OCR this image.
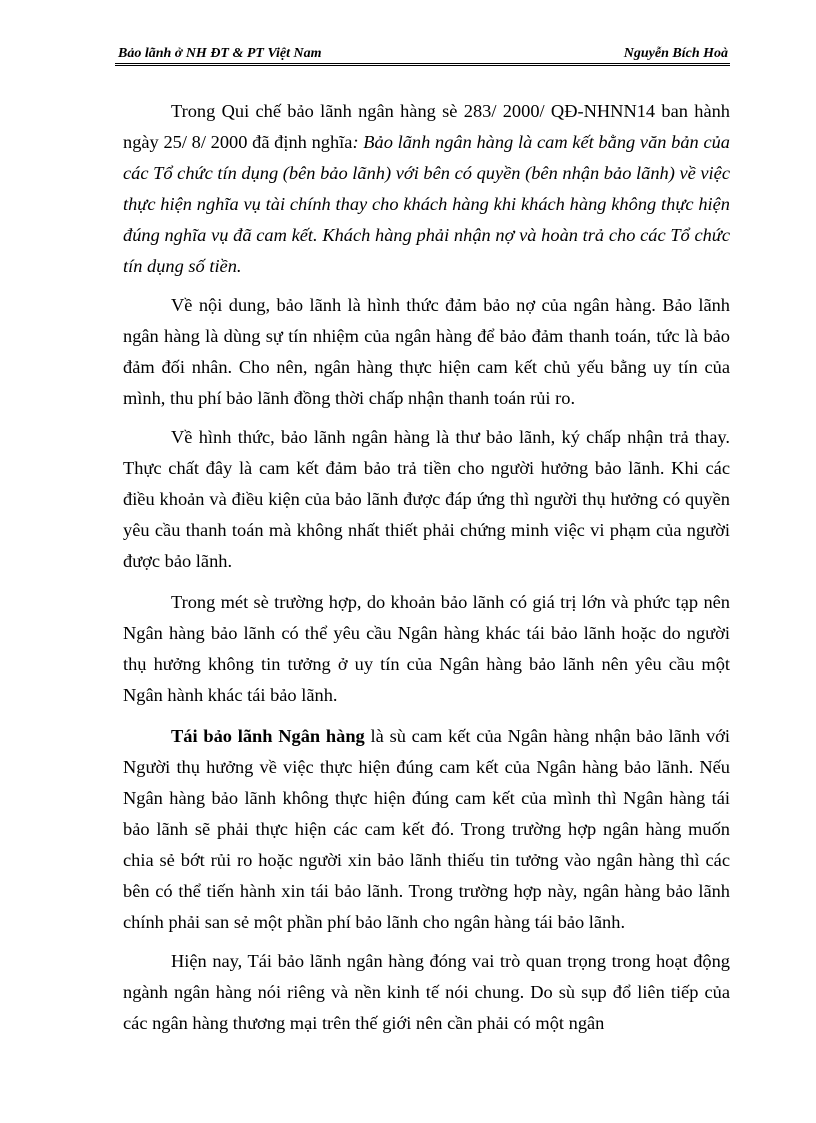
Bảo lãnh ở NH ĐT & PT Việt Nam	Nguyễn Bích Hoà

Trong Qui chế bảo lãnh ngân hàng sè 283/ 2000/ QĐ-NHNN14 ban hành ngày 25/ 8/ 2000 đã định nghĩa: Bảo lãnh ngân hàng là cam kết bằng văn bản của các Tổ chức tín dụng (bên bảo lãnh) với bên có quyền (bên nhận bảo lãnh) về việc thực hiện nghĩa vụ tài chính thay cho khách hàng khi khách hàng không thực hiện đúng nghĩa vụ đã cam kết. Khách hàng phải nhận nợ và hoàn trả cho các Tổ chức tín dụng số tiền.

Về nội dung, bảo lãnh là hình thức đảm bảo nợ của ngân hàng. Bảo lãnh ngân hàng là dùng sự tín nhiệm của ngân hàng để bảo đảm thanh toán, tức là bảo đảm đối nhân. Cho nên, ngân hàng thực hiện cam kết chủ yếu bằng uy tín của mình, thu phí bảo lãnh đồng thời chấp nhận thanh toán rủi ro.

Về hình thức, bảo lãnh ngân hàng là thư bảo lãnh, ký chấp nhận trả thay. Thực chất đây là cam kết đảm bảo trả tiền cho người hưởng bảo lãnh. Khi các điều khoản và điều kiện của bảo lãnh được đáp ứng thì người thụ hưởng có quyền yêu cầu thanh toán mà không nhất thiết phải chứng minh việc vi phạm của người được bảo lãnh.

Trong mét sè trường hợp, do khoản bảo lãnh có giá trị lớn và phức tạp nên Ngân hàng bảo lãnh có thể yêu cầu Ngân hàng khác tái bảo lãnh hoặc do người thụ hưởng không tin tưởng ở uy tín của Ngân hàng bảo lãnh nên yêu cầu một Ngân hành khác tái bảo lãnh.

Tái bảo lãnh Ngân hàng là sù cam kết của Ngân hàng nhận bảo lãnh với Người thụ hưởng về việc thực hiện đúng cam kết của Ngân hàng bảo lãnh. Nếu Ngân hàng bảo lãnh không thực hiện đúng cam kết của mình thì Ngân hàng tái bảo lãnh sẽ phải thực hiện các cam kết đó. Trong trường hợp ngân hàng muốn chia sẻ bớt rủi ro hoặc người xin bảo lãnh thiếu tin tưởng vào ngân hàng thì các bên có thể tiến hành xin tái bảo lãnh. Trong trường hợp này, ngân hàng bảo lãnh chính phải san sẻ một phần phí bảo lãnh cho ngân hàng tái bảo lãnh.

Hiện nay, Tái bảo lãnh ngân hàng đóng vai trò quan trọng trong hoạt động ngành ngân hàng nói riêng và nền kinh tế nói chung. Do sù sụp đổ liên tiếp của các ngân hàng thương mại trên thế giới nên cần phải có một ngân
